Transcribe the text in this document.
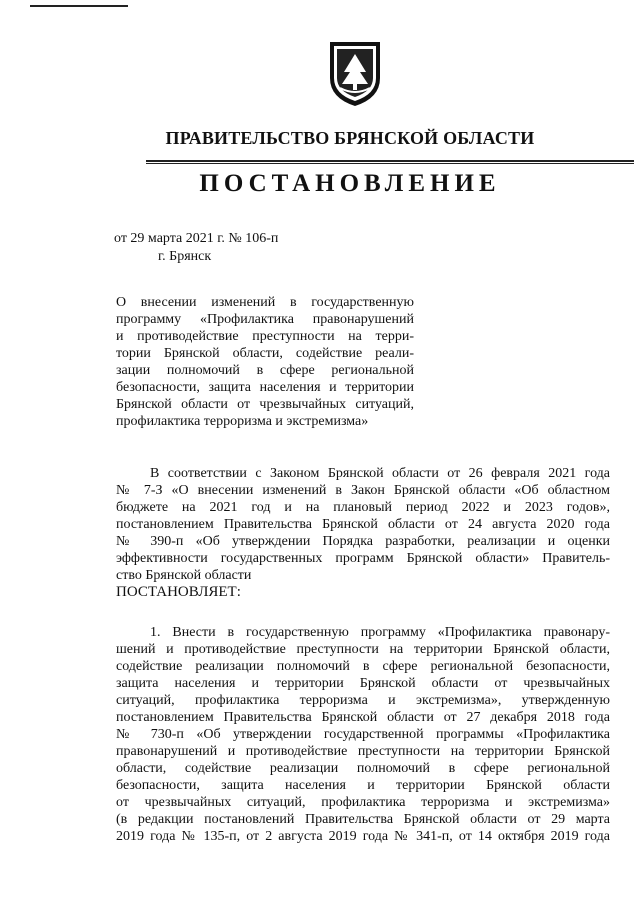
ПРАВИТЕЛЬСТВО БРЯНСКОЙ ОБЛАСТИ
ПОСТАНОВЛЕНИЕ
от 29 марта 2021 г. № 106-п
г. Брянск
О внесении изменений в государственную
программу «Профилактика правонарушений
и противодействие преступности на терри-
тории Брянской области, содействие реали-
зации полномочий в сфере региональной
безопасности, защита населения и территории
Брянской области от чрезвычайных ситуаций,
профилактика терроризма и экстремизма»
В соответствии с Законом Брянской области от 26 февраля 2021 года
№ 7-З «О внесении изменений в Закон Брянской области «Об областном
бюджете на 2021 год и на плановый период 2022 и 2023 годов»,
постановлением Правительства Брянской области от 24 августа 2020 года
№ 390-п «Об утверждении Порядка разработки, реализации и оценки
эффективности государственных программ Брянской области» Правитель-
ство Брянской области
ПОСТАНОВЛЯЕТ:
1. Внести в государственную программу «Профилактика правонару-
шений и противодействие преступности на территории Брянской области,
содействие реализации полномочий в сфере региональной безопасности,
защита населения и территории Брянской области от чрезвычайных
ситуаций, профилактика терроризма и экстремизма», утвержденную
постановлением Правительства Брянской области от 27 декабря 2018 года
№ 730-п «Об утверждении государственной программы «Профилактика
правонарушений и противодействие преступности на территории Брянской
области, содействие реализации полномочий в сфере региональной
безопасности, защита населения и территории Брянской области
от чрезвычайных ситуаций, профилактика терроризма и экстремизма»
(в редакции постановлений Правительства Брянской области от 29 марта
2019 года № 135-п, от 2 августа 2019 года № 341-п, от 14 октября 2019 года
